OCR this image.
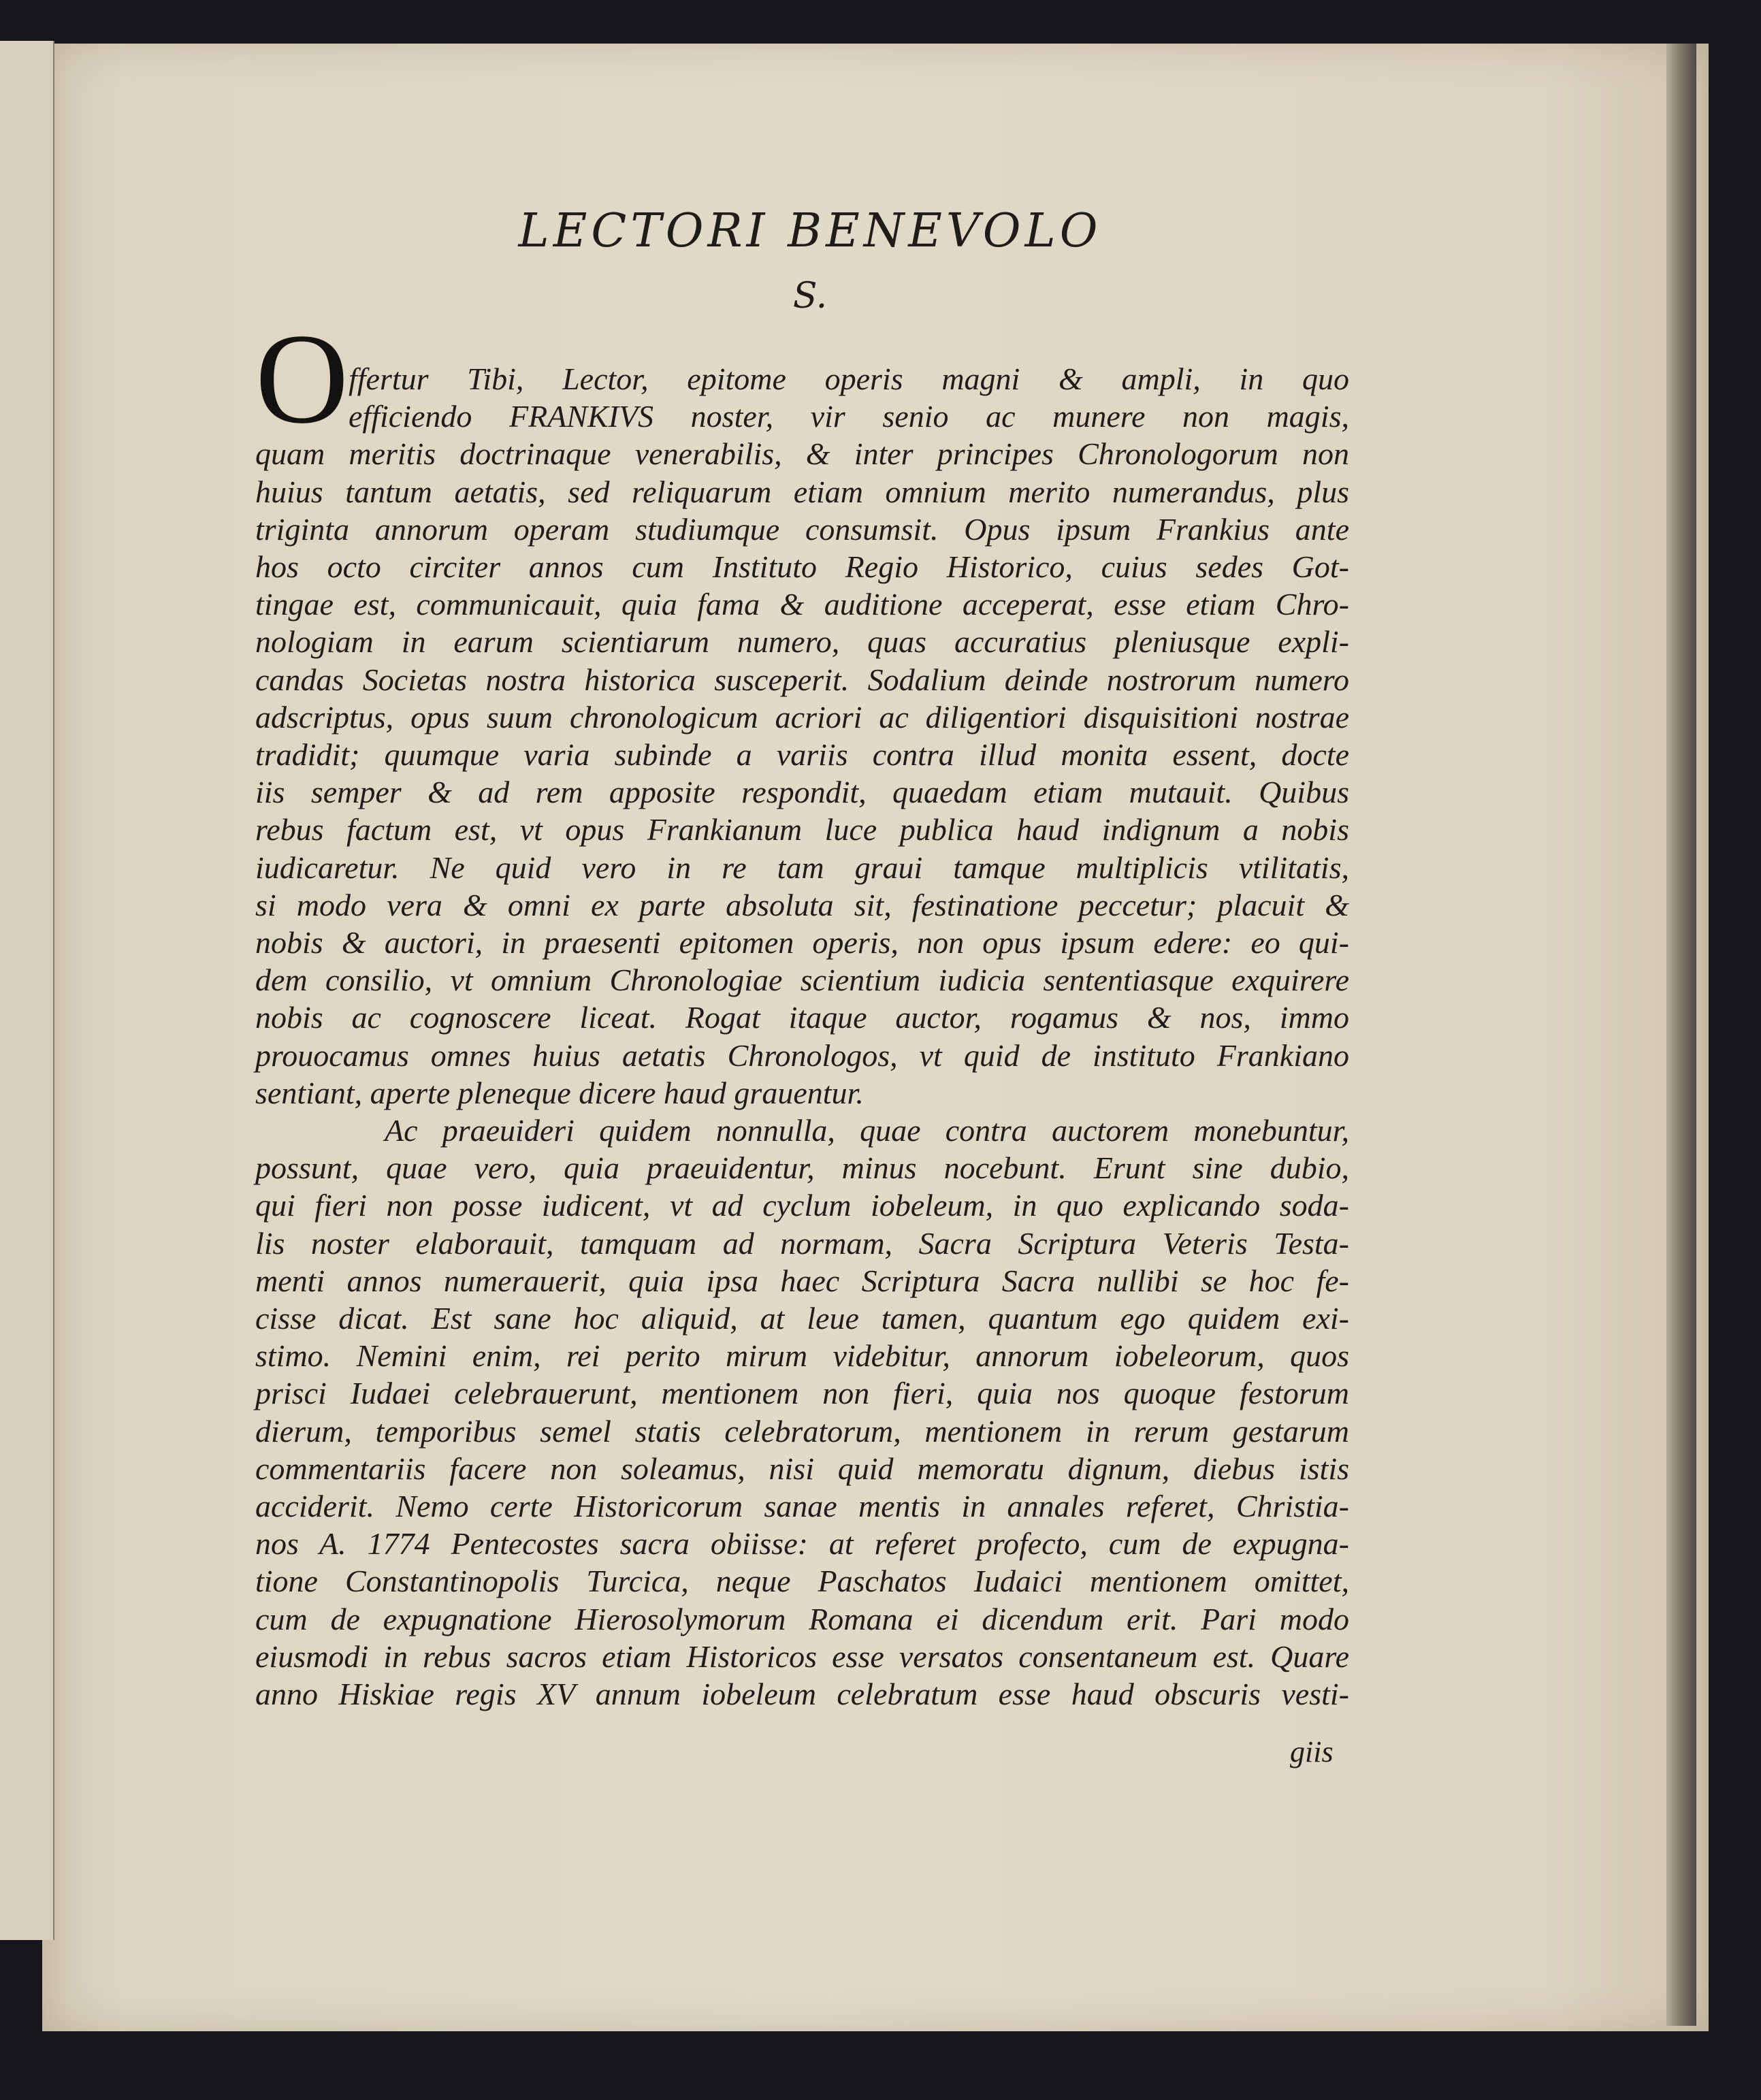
LECTORI BENEVOLO
S.
O ffertur Tibi, Lector, epitome operis magni & ampli, in quo
efficiendo FRANKIVS noster, vir senio ac munere non magis,
quam meritis doctrinaque venerabilis, & inter principes Chronologorum non
huius tantum aetatis, sed reliquarum etiam omnium merito numerandus, plus
triginta annorum operam studiumque consumsit. Opus ipsum Frankius ante
hos octo circiter annos cum Instituto Regio Historico, cuius sedes Got-
tingae est, communicauit, quia fama & auditione acceperat, esse etiam Chro-
nologiam in earum scientiarum numero, quas accuratius pleniusque expli-
candas Societas nostra historica susceperit. Sodalium deinde nostrorum numero
adscriptus, opus suum chronologicum acriori ac diligentiori disquisitioni nostrae
tradidit; quumque varia subinde a variis contra illud monita essent, docte
iis semper & ad rem apposite respondit, quaedam etiam mutauit. Quibus
rebus factum est, vt opus Frankianum luce publica haud indignum a nobis
iudicaretur. Ne quid vero in re tam graui tamque multiplicis vtilitatis,
si modo vera & omni ex parte absoluta sit, festinatione peccetur; placuit &
nobis & auctori, in praesenti epitomen operis, non opus ipsum edere: eo qui-
dem consilio, vt omnium Chronologiae scientium iudicia sententiasque exquirere
nobis ac cognoscere liceat. Rogat itaque auctor, rogamus & nos, immo
prouocamus omnes huius aetatis Chronologos, vt quid de instituto Frankiano
sentiant, aperte pleneque dicere haud grauentur.
Ac praeuideri quidem nonnulla, quae contra auctorem monebuntur,
possunt, quae vero, quia praeuidentur, minus nocebunt. Erunt sine dubio,
qui fieri non posse iudicent, vt ad cyclum iobeleum, in quo explicando soda-
lis noster elaborauit, tamquam ad normam, Sacra Scriptura Veteris Testa-
menti annos numerauerit, quia ipsa haec Scriptura Sacra nullibi se hoc fe-
cisse dicat. Est sane hoc aliquid, at leue tamen, quantum ego quidem exi-
stimo. Nemini enim, rei perito mirum videbitur, annorum iobeleorum, quos
prisci Iudaei celebrauerunt, mentionem non fieri, quia nos quoque festorum
dierum, temporibus semel statis celebratorum, mentionem in rerum gestarum
commentariis facere non soleamus, nisi quid memoratu dignum, diebus istis
acciderit. Nemo certe Historicorum sanae mentis in annales referet, Christia-
nos A. 1774 Pentecostes sacra obiisse: at referet profecto, cum de expugna-
tione Constantinopolis Turcica, neque Paschatos Iudaici mentionem omittet,
cum de expugnatione Hierosolymorum Romana ei dicendum erit. Pari modo
eiusmodi in rebus sacros etiam Historicos esse versatos consentaneum est. Quare
anno Hiskiae regis XV annum iobeleum celebratum esse haud obscuris vesti-
giis
